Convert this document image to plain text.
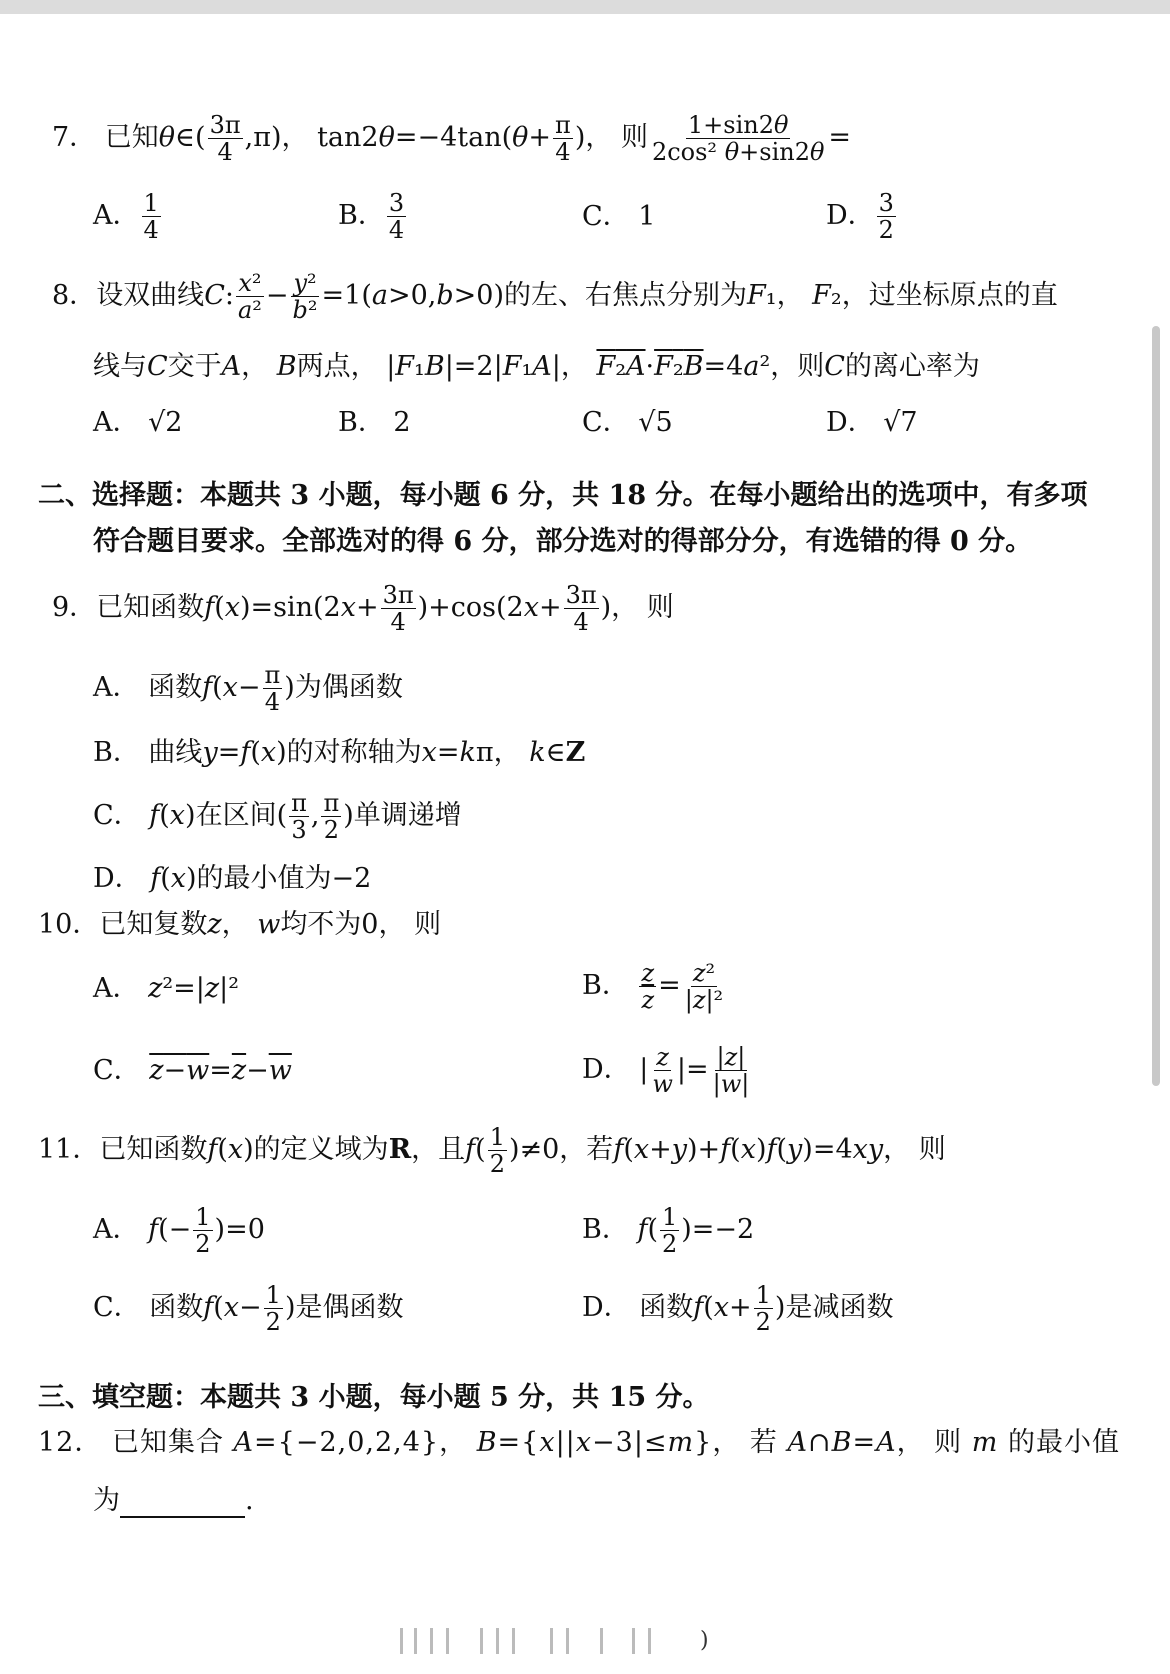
7． 已知θ∈( $\frac{3\pi}{4} ,\pi$)， $\tan 2\theta=-4\tan(\theta+ \frac{\pi}{4}$ )， 则 $\frac{1+\sin 2\theta}{\text{2cos² θ+sin2θ}}$ =
A． $\frac{1}{4}$	B． $\frac{3}{4}$	C． 1	D． $\frac{3}{2}$
8．设双曲线C: $\frac{\text{x²}}{\text{a²}} - \frac{\text{y²}}{\text{b²}} =1(a>0,b>0)$的左、右焦点分别为F₁， F₂，过坐标原点的直
线与C交于A， B两点， |F₁B|=2|F₁A|， F₂A·F₂B=4a²，则C的离心率为
A． √2	B． 2	C． √5	D． √7
二、选择题：本题共 3 小题，每小题 6 分，共 18 分。在每小题给出的选项中，有多项
符合题目要求。全部选对的得 6 分，部分选对的得部分分，有选错的得 0 分。
9．已知函数$f(x)=\sin(2x+ \frac{3\pi}{4} )+\cos(2x+ \frac{3\pi}{4}$ )， 则
A． 函数$f(x- \frac{\pi}{4}$ )为偶函数
B． 曲线y=f(x)的对称轴为x=kπ， k∈Z
C． f(x)在区间( $\frac{\pi}{3}$ , $\frac{\pi}{2}$ )单调递增
D． f(x)的最小值为−2
10．已知复数z， w均不为0， 则
A． z²=|z|²	B． $\frac{z}{z} = \frac{\text{z²}}{\text{|z|²}}$
C． $z-w=\overline{z}-\overline{w}$	D． | $\frac{z}{w}$ |= $\frac{|z|}{|w|}$
11．已知函数f(x)的定义域为R，且$f( \frac{1}{2} )\ne 0$，若f(x+y)+f(x)f(y)=4xy， 则
A． $f(- \frac{1}{2} )=0$	B． $f( \frac{1}{2} )=-2$
C． 函数$f(x- \frac{1}{2}$ )是偶函数	D． 函数$f(x+ \frac{1}{2}$ )是减函数
三、填空题：本题共 3 小题，每小题 5 分，共 15 分。
12． 已知集合 A={−2,0,2,4}， B={x||x−3|≤m}， 若 A∩B=A， 则 m 的最小值
为	.
)
